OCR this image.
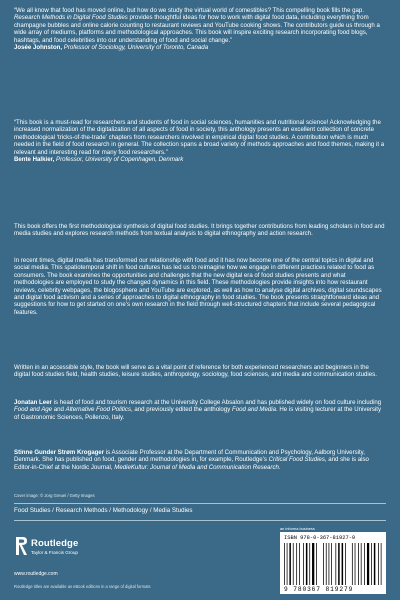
“We all know that food has moved online, but how do we study the virtual world of comestibles? This compelling book fills the gap. Research Methods in Digital Food Studies provides thoughtful ideas for how to work with digital food data, including everything from champagne bubbles and online calorie counting to restaurant reviews and YouTube cooking shows. The contributors guide us through a wide array of mediums, platforms and methodological approaches. This book will inspire exciting research incorporating food blogs, hashtags, and food celebrities into our understanding of food and social change.”

Josée Johnston, Professor of Sociology, University of Toronto, Canada

“This book is a must-read for researchers and students of food in social sciences, humanities and nutritional science! Acknowledging the increased normalization of the digitalization of all aspects of food in society, this anthology presents an excellent collection of concrete methodological ‘tricks-of-the-trade’ chapters from researchers involved in empirical digital food studies. A contribution which is much needed in the field of food research in general. The collection spans a broad variety of methods approaches and food themes, making it a relevant and interesting read for many food researchers.”

Bente Halkier, Professor, University of Copenhagen, Denmark

This book offers the first methodological synthesis of digital food studies. It brings together contributions from leading scholars in food and media studies and explores research methods from textual analysis to digital ethnography and action research.

In recent times, digital media has transformed our relationship with food and it has now become one of the central topics in digital and social media. This spatiotemporal shift in food cultures has led us to reimagine how we engage in different practices related to food as consumers. The book examines the opportunities and challenges that the new digital era of food studies presents and what methodologies are employed to study the changed dynamics in this field. These methodologies provide insights into how restaurant reviews, celebrity webpages, the blogosphere and YouTube are explored, as well as how to analyse digital archives, digital soundscapes and digital food activism and a series of approaches to digital ethnography in food studies. The book presents straightforward ideas and suggestions for how to get started on one’s own research in the field through well-structured chapters that include several pedagogical features.

Written in an accessible style, the book will serve as a vital point of reference for both experienced researchers and beginners in the digital food studies field, health studies, leisure studies, anthropology, sociology, food sciences, and media and communication studies.

Jonatan Leer is head of food and tourism research at the University College Absalon and has published widely on food culture including Food and Age and Alternative Food Politics, and previously edited the anthology Food and Media. He is visiting lecturer at the University of Gastronomic Sciences, Pollenzo, Italy.

Stinne Gunder Strøm Krogager is Associate Professor at the Department of Communication and Psychology, Aalborg University, Denmark. She has published on food, gender and methodologies in, for example, Routledge’s Critical Food Studies, and she is also Editor-in-Chief at the Nordic Journal, MedieKultur: Journal of Media and Communication Research.

Cover image: © Jorg Greuel / Getty Images
Food Studies / Research Methods / Methodology / Media Studies
Routledge
Taylor & Francis Group
www.routledge.com
Routledge titles are available as eBook editions in a range of digital formats
an informa business
ISBN 978-0-367-81927-9
9 780367 819279
